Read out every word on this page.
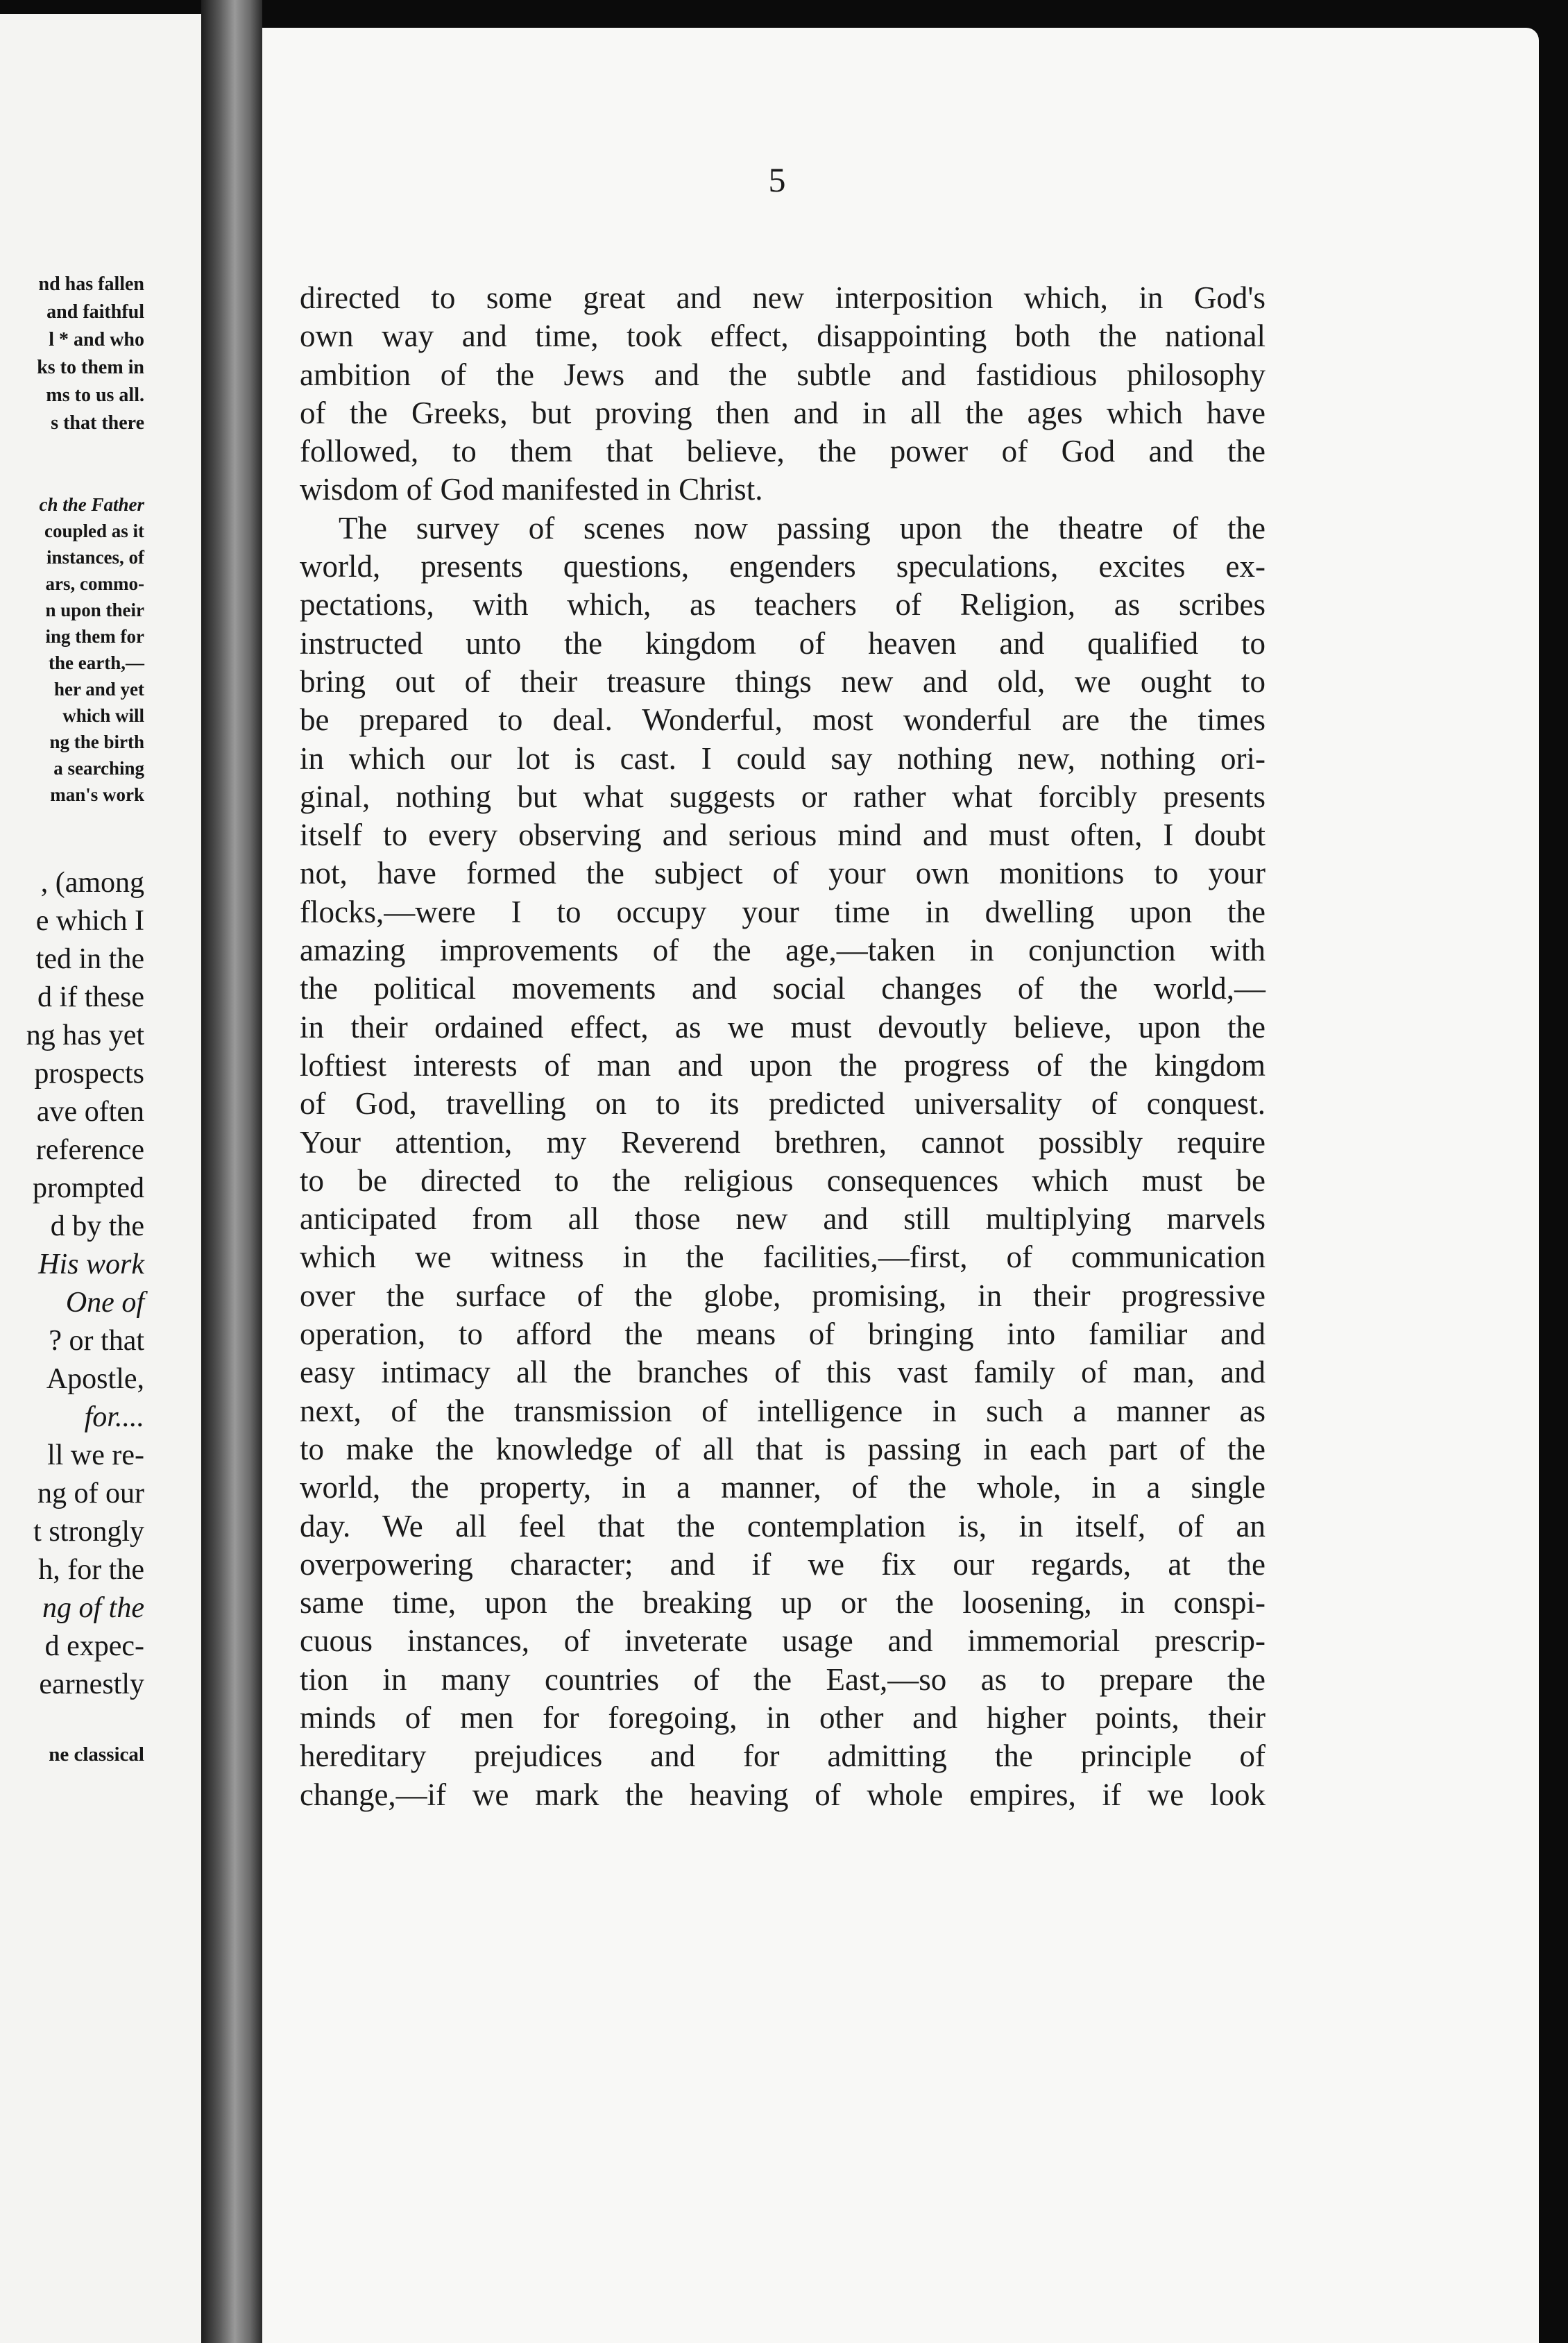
nd has fallen
and faithful
l * and who
ks to them in
ms to us all.
s that there
ch the Father
coupled as it
instances, of
ars, commo-
n upon their
ing them for
the earth,—
her and yet
which will
ng the birth
a searching
man's work
, (among
e which I
ted in the
d if these
ng has yet
prospects
ave often
reference
prompted
d by the
His work
One of
? or that
Apostle,
for....
ll we re-
ng of our
t strongly
h, for the
ng of the
d expec-
earnestly
ne classical
5

directed to some great and new interposition which, in God's
own way and time, took effect, disappointing both the national
ambition of the Jews and the subtle and fastidious philosophy
of the Greeks, but proving then and in all the ages which have
followed, to them that believe, the power of God and the
wisdom of God manifested in Christ.

The survey of scenes now passing upon the theatre of the
world, presents questions, engenders speculations, excites ex-
pectations, with which, as teachers of Religion, as scribes
instructed unto the kingdom of heaven and qualified to
bring out of their treasure things new and old, we ought to
be prepared to deal. Wonderful, most wonderful are the times
in which our lot is cast. I could say nothing new, nothing ori-
ginal, nothing but what suggests or rather what forcibly presents
itself to every observing and serious mind and must often, I doubt
not, have formed the subject of your own monitions to your
flocks,—were I to occupy your time in dwelling upon the
amazing improvements of the age,—taken in conjunction with
the political movements and social changes of the world,—
in their ordained effect, as we must devoutly believe, upon the
loftiest interests of man and upon the progress of the kingdom
of God, travelling on to its predicted universality of conquest.
Your attention, my Reverend brethren, cannot possibly require
to be directed to the religious consequences which must be
anticipated from all those new and still multiplying marvels
which we witness in the facilities,—first, of communication
over the surface of the globe, promising, in their progressive
operation, to afford the means of bringing into familiar and
easy intimacy all the branches of this vast family of man, and
next, of the transmission of intelligence in such a manner as
to make the knowledge of all that is passing in each part of the
world, the property, in a manner, of the whole, in a single
day. We all feel that the contemplation is, in itself, of an
overpowering character; and if we fix our regards, at the
same time, upon the breaking up or the loosening, in conspi-
cuous instances, of inveterate usage and immemorial prescrip-
tion in many countries of the East,—so as to prepare the
minds of men for foregoing, in other and higher points, their
hereditary prejudices and for admitting the principle of
change,—if we mark the heaving of whole empires, if we look
